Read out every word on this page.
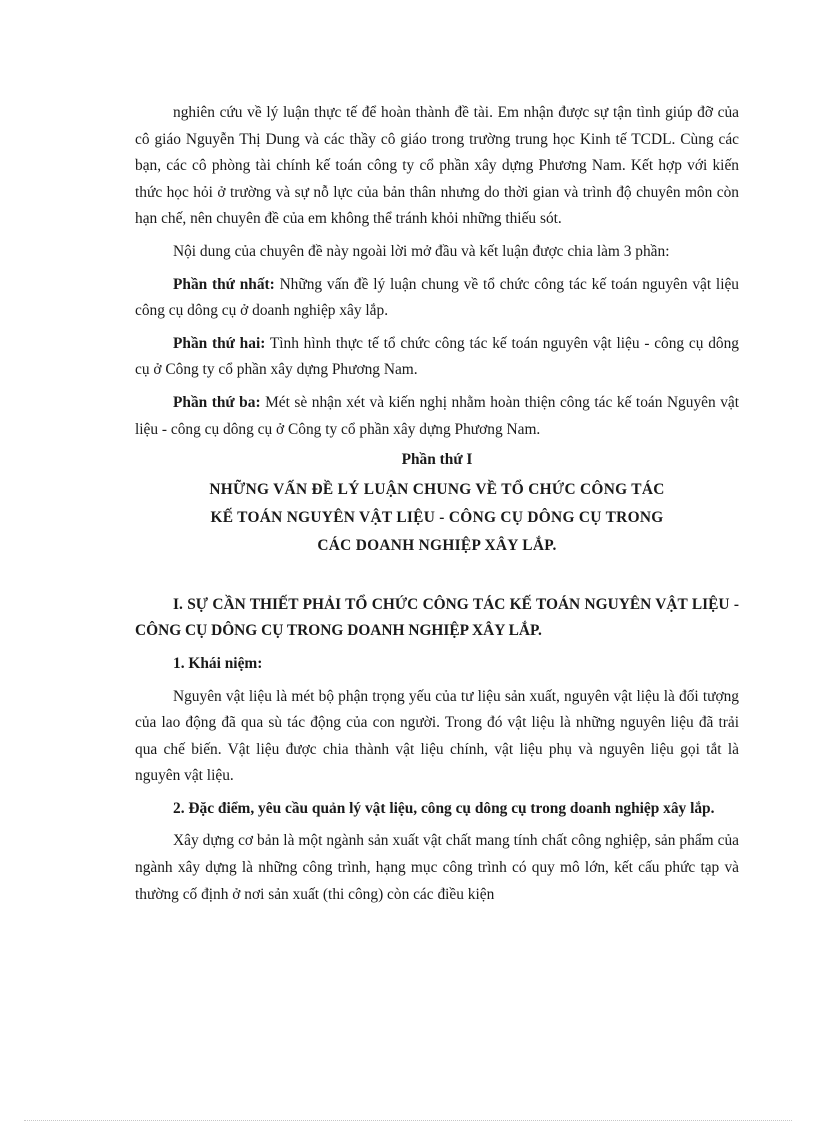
nghiên cứu về lý luận thực tế để hoàn thành đề tài. Em nhận được sự tận tình giúp đỡ của cô giáo Nguyễn Thị Dung và các thầy cô giáo trong trường trung học Kinh tế TCDL. Cùng các bạn, các cô phòng tài chính kế toán công ty cổ phần xây dựng Phương Nam. Kết hợp với kiến thức học hỏi ở trường và sự nỗ lực của bản thân nhưng do thời gian và trình độ chuyên môn còn hạn chế, nên chuyên đề của em không thể tránh khỏi những thiếu sót.

Nội dung của chuyên đề này ngoài lời mở đầu và kết luận được chia làm 3 phần:

Phần thứ nhất: Những vấn đề lý luận chung về tổ chức công tác kế toán nguyên vật liệu công cụ dông cụ ở doanh nghiệp xây lắp.

Phần thứ hai: Tình hình thực tế tổ chức công tác kế toán nguyên vật liệu - công cụ dông cụ ở Công ty cổ phần xây dựng Phương Nam.

Phần thứ ba: Mét sè nhận xét và kiến nghị nhằm hoàn thiện công tác kế toán Nguyên vật liệu - công cụ dông cụ ở Công ty cổ phần xây dựng Phương Nam.

Phần thứ I

NHỮNG VẤN ĐỀ LÝ LUẬN CHUNG VỀ TỔ CHỨC CÔNG TÁC
KẾ TOÁN NGUYÊN VẬT LIỆU - CÔNG CỤ DÔNG CỤ TRONG
CÁC DOANH NGHIỆP XÂY LẮP.

I. SỰ CẦN THIẾT PHẢI TỔ CHỨC CÔNG TÁC KẾ TOÁN NGUYÊN VẬT LIỆU - CÔNG CỤ DÔNG CỤ TRONG DOANH NGHIỆP XÂY LẮP.

1. Khái niệm:

Nguyên vật liệu là mét bộ phận trọng yếu của tư liệu sản xuất, nguyên vật liệu là đối tượng của lao động đã qua sù tác động của con người. Trong đó vật liệu là những nguyên liệu đã trải qua chế biến. Vật liệu được chia thành vật liệu chính, vật liệu phụ và nguyên liệu gọi tắt là nguyên vật liệu.

2. Đặc điểm, yêu cầu quản lý vật liệu, công cụ dông cụ trong doanh nghiệp xây lắp.

Xây dựng cơ bản là một ngành sản xuất vật chất mang tính chất công nghiệp, sản phẩm của ngành xây dựng là những công trình, hạng mục công trình có quy mô lớn, kết cấu phức tạp và thường cố định ở nơi sản xuất (thi công) còn các điều kiện
